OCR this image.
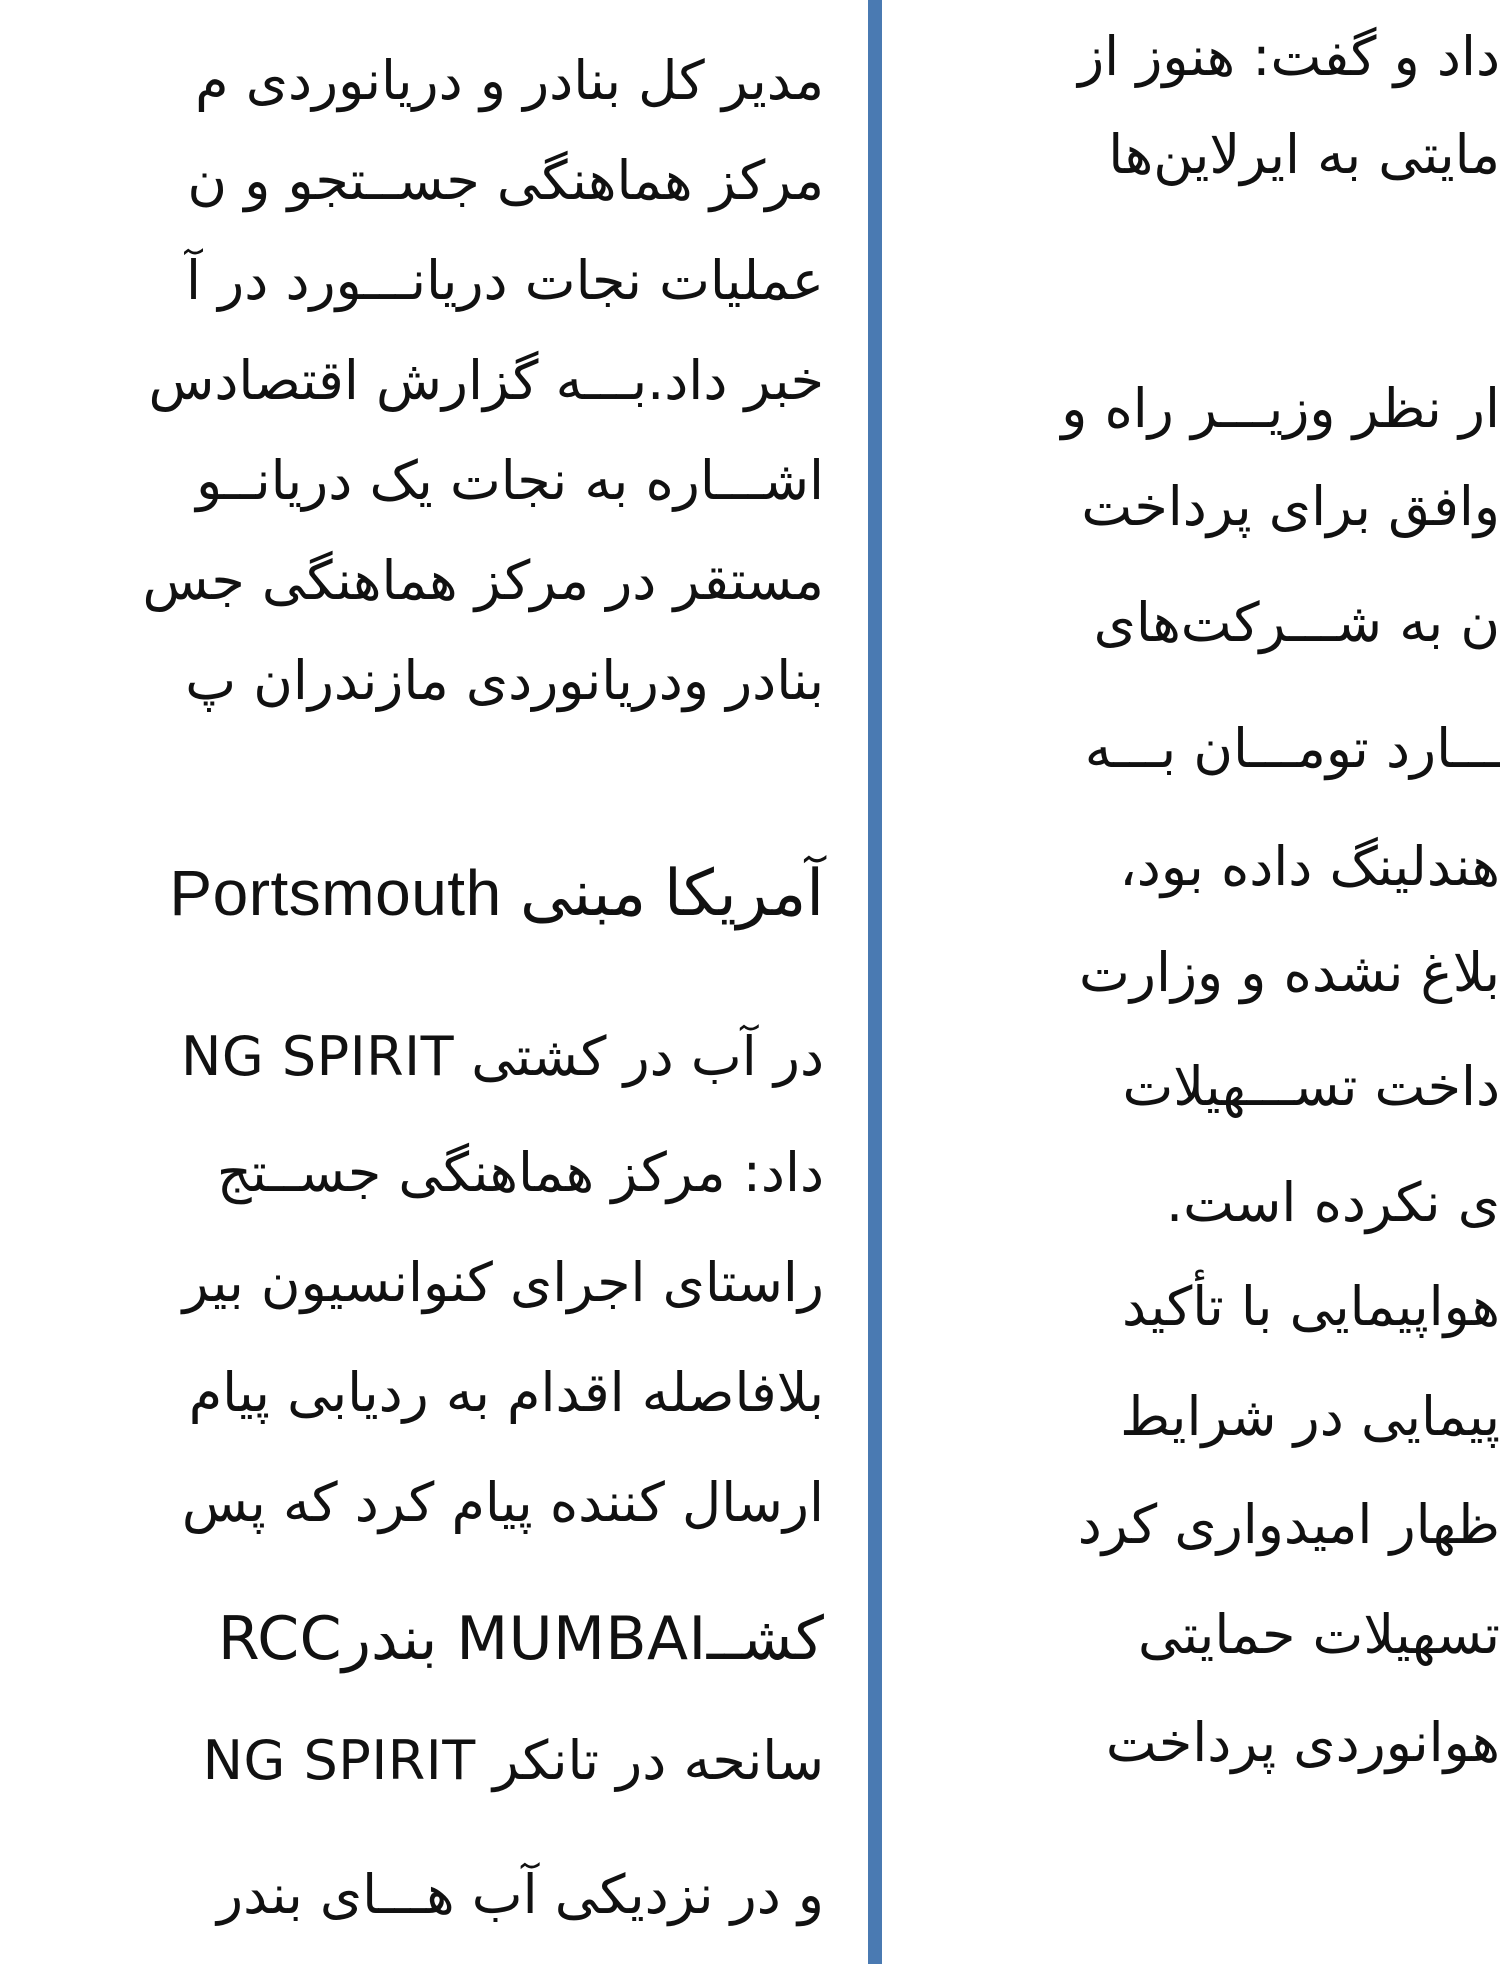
مدیر کل بنادر و دریانوردی م
مرکز هماهنگی جســتجو و ن
عملیات نجات دریانـــورد در آ
خبر داد.بـــه گزارش اقتصادس
اشـــاره به نجات یک دریانــو
مستقر در مرکز هماهنگی جس
بنادر ودریانوردی مازندران پ
Portsmouth آمریکا مبنی
در آب در کشتی NG SPIRIT
داد: مرکز هماهنگی جســتج
راستای اجرای کنوانسیون بیر
بلافاصله اقدام به ردیابی پیام
ارسال کننده پیام کرد که پس
RCCبندر MUMBAIکشــ
سانحه در تانکر NG SPIRIT
و در نزدیکی آب هـــای بندر
داد و گفت: هنوز از
مایتی به ایرلاین‌ها
ار نظر وزیـــر راه و
وافق برای پرداخت
ن به شـــرکت‌های
ـــارد تومـــان بـــه
هندلینگ داده بود،
بلاغ نشده و وزارت
داخت تســـهیلات
ی نکرده است.
هواپیمایی با تأکید
پیمایی در شرایط
ظهار امیدواری کرد
تسهیلات حمایتی
هوانوردی پرداخت
